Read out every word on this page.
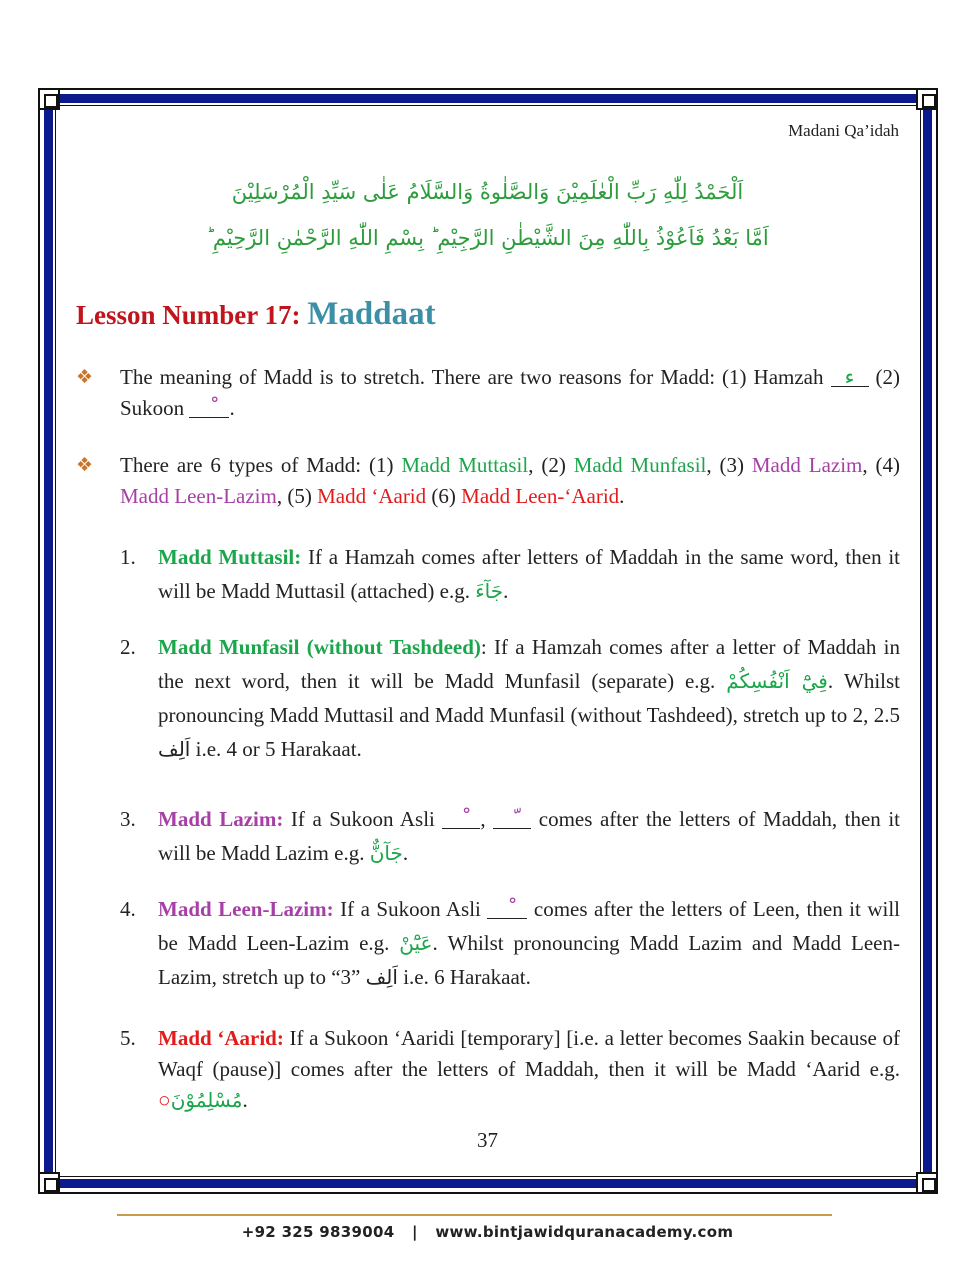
Madani Qa’idah
اَلْحَمْدُ لِلّٰهِ رَبِّ الْعٰلَمِيْنَ وَالصَّلٰوةُ وَالسَّلَامُ عَلٰى سَيِّدِ الْمُرْسَلِيْنَ
اَمَّا بَعْدُ فَاَعُوْذُ بِاللّٰهِ مِنَ الشَّيْطٰنِ الرَّجِيْمِ ؕ بِسْمِ اللّٰهِ الرَّحْمٰنِ الرَّحِيْمِ ؕ
Lesson Number 17: Maddaat
❖ The meaning of Madd is to stretch. There are two reasons for Madd: (1) Hamzah ء (2) Sukoon .
❖ There are 6 types of Madd: (1) Madd Muttasil, (2) Madd Munfasil, (3) Madd Lazim, (4) Madd Leen-Lazim, (5) Madd ‘Aarid (6) Madd Leen-‘Aarid.
1. Madd Muttasil: If a Hamzah comes after letters of Maddah in the same word, then it will be Madd Muttasil (attached) e.g. جَآءَ.
2. Madd Munfasil (without Tashdeed): If a Hamzah comes after a letter of Maddah in the next word, then it will be Madd Munfasil (separate) e.g. فِيْٓ اَنْفُسِكُمْ. Whilst pronouncing Madd Muttasil and Madd Munfasil (without Tashdeed), stretch up to 2, 2.5 اَلِف i.e. 4 or 5 Harakaat.
3. Madd Lazim: If a Sukoon Asli ,  comes after the letters of Maddah, then it will be Madd Lazim e.g. جَآنٌّ.
4. Madd Leen-Lazim: If a Sukoon Asli  comes after the letters of Leen, then it will be Madd Leen-Lazim e.g. عَيْٓنْ. Whilst pronouncing Madd Lazim and Madd Leen-Lazim, stretch up to “3” اَلِف i.e. 6 Harakaat.
5. Madd ‘Aarid: If a Sukoon ‘Aaridi [temporary] [i.e. a letter becomes Saakin because of Waqf (pause)] comes after the letters of Maddah, then it will be Madd ‘Aarid e.g. ○مُسْلِمُوْنَ.
37
+92 325 9839004 | www.bintjawidquranacademy.com
